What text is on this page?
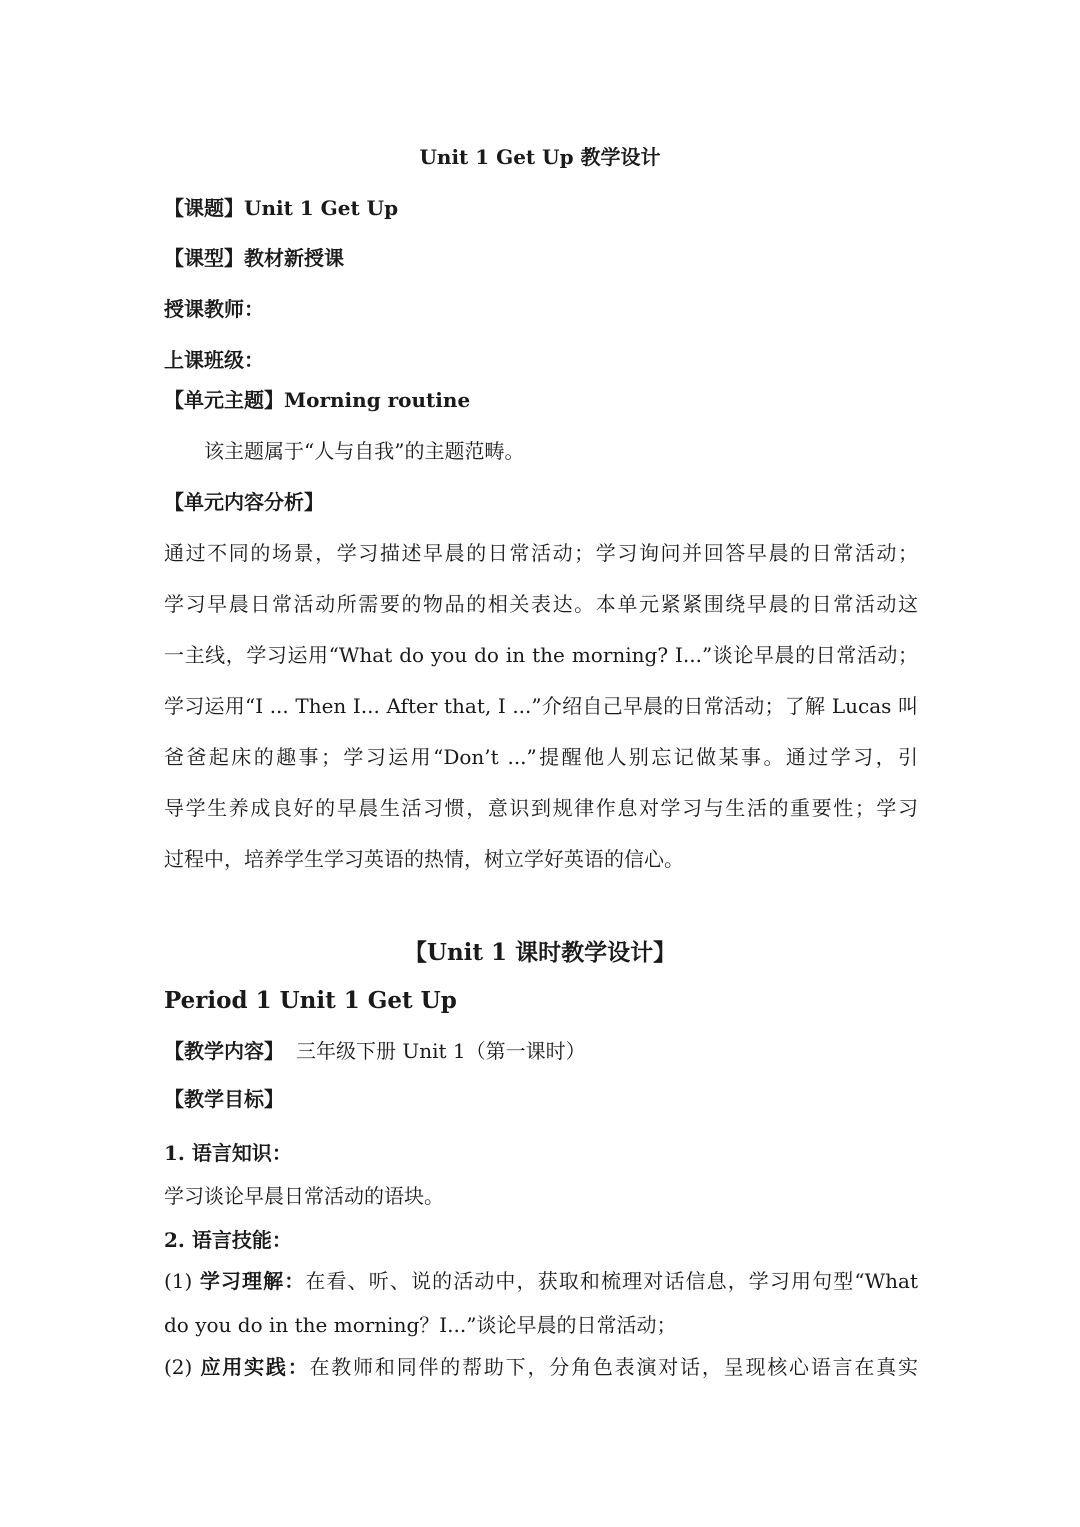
Unit 1 Get Up 教学设计
【课题】Unit 1 Get Up
【课型】教材新授课
授课教师：
上课班级：
【单元主题】Morning routine
该主题属于“人与自我”的主题范畴。
【单元内容分析】
通过不同的场景，学习描述早晨的日常活动；学习询问并回答早晨的日常活动；
学习早晨日常活动所需要的物品的相关表达。本单元紧紧围绕早晨的日常活动这
一主线，学习运用“What do you do in the morning? I...”谈论早晨的日常活动；
学习运用“I ... Then I... After that, I ...”介绍自己早晨的日常活动；了解 Lucas 叫
爸爸起床的趣事；学习运用“Don’t ...”提醒他人别忘记做某事。通过学习，引
导学生养成良好的早晨生活习惯，意识到规律作息对学习与生活的重要性；学习
过程中，培养学生学习英语的热情，树立学好英语的信心。
【Unit 1 课时教学设计】
Period 1 Unit 1 Get Up
【教学内容】 三年级下册 Unit 1（第一课时）
【教学目标】
1. 语言知识：
学习谈论早晨日常活动的语块。
2. 语言技能：
(1) 学习理解：在看、听、说的活动中，获取和梳理对话信息，学习用句型“What
do you do in the morning？I...”谈论早晨的日常活动；
(2) 应用实践：在教师和同伴的帮助下，分角色表演对话，呈现核心语言在真实
